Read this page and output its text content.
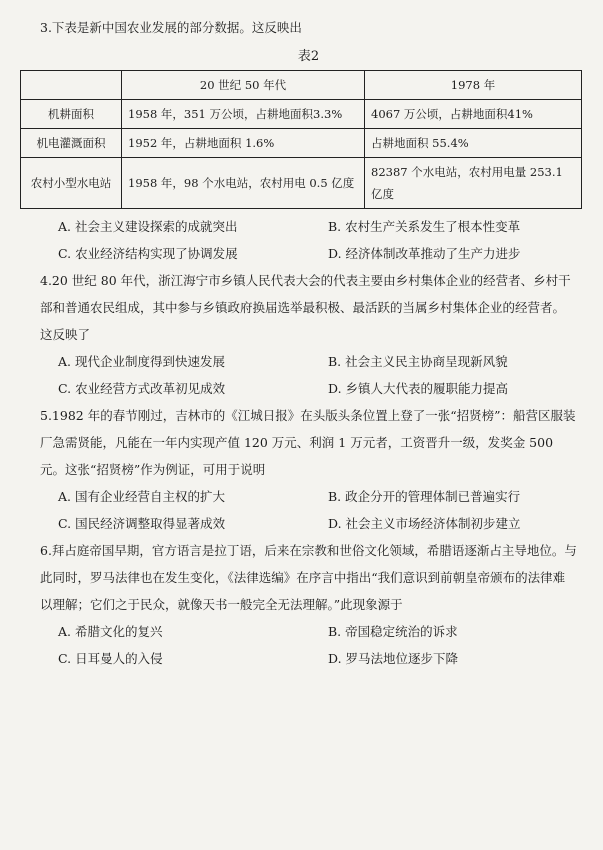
3.下表是新中国农业发展的部分数据。这反映出

表2
	20 世纪 50 年代	1978 年
机耕面积	1958 年，351 万公顷，占耕地面积3.3%	4067 万公顷，占耕地面积41%
机电灌溉面积	1952 年，占耕地面积 1.6%	占耕地面积 55.4%
农村小型水电站	1958 年，98 个水电站，农村用电 0.5 亿度	82387 个水电站，农村用电量 253.1 亿度
A. 社会主义建设探索的成就突出	B. 农村生产关系发生了根本性变革
C. 农业经济结构实现了协调发展	D. 经济体制改革推动了生产力进步

4.20 世纪 80 年代，浙江海宁市乡镇人民代表大会的代表主要由乡村集体企业的经营者、乡村干部和普通农民组成，其中参与乡镇政府换届选举最积极、最活跃的当属乡村集体企业的经营者。这反映了

A. 现代企业制度得到快速发展	B. 社会主义民主协商呈现新风貌
C. 农业经营方式改革初见成效	D. 乡镇人大代表的履职能力提高

5.1982 年的春节刚过，吉林市的《江城日报》在头版头条位置上登了一张“招贤榜”：船营区服装厂急需贤能，凡能在一年内实现产值 120 万元、利润 1 万元者，工资晋升一级，发奖金 500 元。这张“招贤榜”作为例证，可用于说明

A. 国有企业经营自主权的扩大	B. 政企分开的管理体制已普遍实行
C. 国民经济调整取得显著成效	D. 社会主义市场经济体制初步建立

6.拜占庭帝国早期，官方语言是拉丁语，后来在宗教和世俗文化领域，希腊语逐渐占主导地位。与此同时，罗马法律也在发生变化，《法律选编》在序言中指出“我们意识到前朝皇帝颁布的法律难以理解；它们之于民众，就像天书一般完全无法理解。”此现象源于

A. 希腊文化的复兴	B. 帝国稳定统治的诉求
C. 日耳曼人的入侵	D. 罗马法地位逐步下降
